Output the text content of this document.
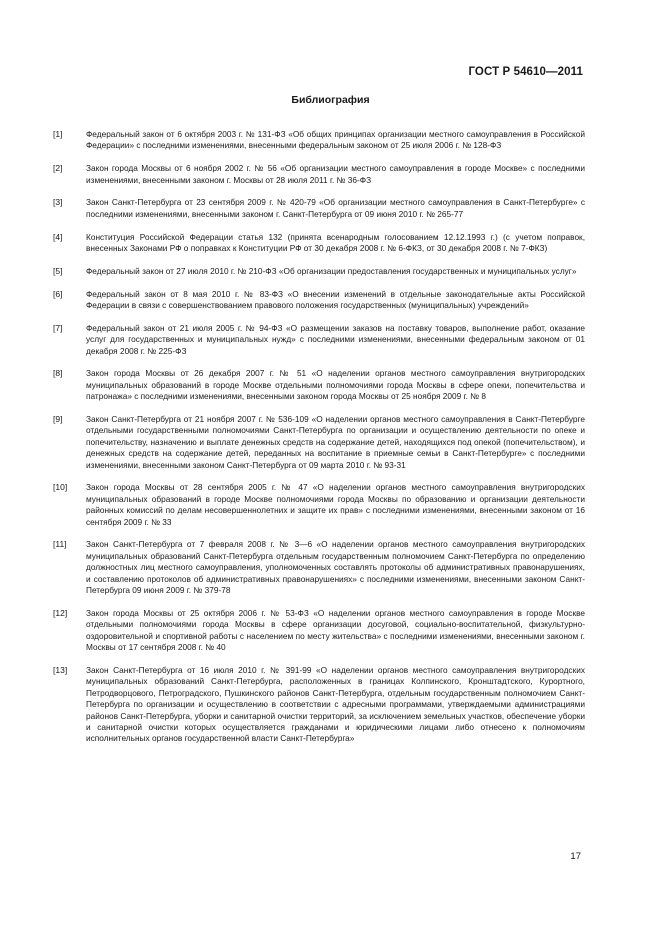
ГОСТ Р 54610—2011
Библиография
[1]	Федеральный закон от 6 октября 2003 г. № 131-ФЗ «Об общих принципах организации местного самоуправления в Российской Федерации» с последними изменениями, внесенными федеральным законом от 25 июля 2006 г. № 128-ФЗ
[2]	Закон города Москвы от 6 ноября 2002 г. № 56 «Об организации местного самоуправления в городе Москве» с последними изменениями, внесенными законом г. Москвы от 28 июля 2011 г. № 36-ФЗ
[3]	Закон Санкт-Петербурга от 23 сентября 2009 г. № 420-79 «Об организации местного самоуправления в Санкт-Петербурге» с последними изменениями, внесенными законом г. Санкт-Петербурга от 09 июня 2010 г. № 265-77
[4]	Конституция Российской Федерации статья 132 (принята всенародным голосованием 12.12.1993 г.) (с учетом поправок, внесенных Законами РФ о поправках к Конституции РФ от 30 декабря 2008 г. № 6-ФКЗ, от 30 декабря 2008 г. № 7-ФКЗ)
[5]	Федеральный закон от 27 июля 2010 г. № 210-ФЗ «Об организации предоставления государственных и муниципальных услуг»
[6]	Федеральный закон от 8 мая 2010 г. № 83-ФЗ «О внесении изменений в отдельные законодательные акты Российской Федерации в связи с совершенствованием правового положения государственных (муниципальных) учреждений»
[7]	Федеральный закон от 21 июля 2005 г. № 94-ФЗ «О размещении заказов на поставку товаров, выполнение работ, оказание услуг для государственных и муниципальных нужд» с последними изменениями, внесенными федеральным законом от 01 декабря 2008 г. № 225-ФЗ
[8]	Закон города Москвы от 26 декабря 2007 г. № 51 «О наделении органов местного самоуправления внутригородских муниципальных образований в городе Москве отдельными полномочиями города Москвы в сфере опеки, попечительства и патронажа» с последними изменениями, внесенными законом города Москвы от 25 ноября 2009 г. № 8
[9]	Закон Санкт-Петербурга от 21 ноября 2007 г. № 536-109 «О наделении органов местного самоуправления в Санкт-Петербурге отдельными государственными полномочиями Санкт-Петербурга по организации и осуществлению деятельности по опеке и попечительству, назначению и выплате денежных средств на содержание детей, находящихся под опекой (попечительством), и денежных средств на содержание детей, переданных на воспитание в приемные семьи в Санкт-Петербурге» с последними изменениями, внесенными законом Санкт-Петербурга от 09 марта 2010 г. № 93-31
[10]	Закон города Москвы от 28 сентября 2005 г. № 47 «О наделении органов местного самоуправления внутригородских муниципальных образований в городе Москве полномочиями города Москвы по образованию и организации деятельности районных комиссий по делам несовершеннолетних и защите их прав» с последними изменениями, внесенными законом от 16 сентября 2009 г. № 33
[11]	Закон Санкт-Петербурга от 7 февраля 2008 г. № 3—6 «О наделении органов местного самоуправления внутригородских муниципальных образований Санкт-Петербурга отдельным государственным полномочием Санкт-Петербурга по определению должностных лиц местного самоуправления, уполномоченных составлять протоколы об административных правонарушениях, и составлению протоколов об административных правонарушениях» с последними изменениями, внесенными законом Санкт-Петербурга 09 июня 2009 г. № 379-78
[12]	Закон города Москвы от 25 октября 2006 г. № 53-ФЗ «О наделении органов местного самоуправления в городе Москве отдельными полномочиями города Москвы в сфере организации досуговой, социально-воспитательной, физкультурно-оздоровительной и спортивной работы с населением по месту жительства» с последними изменениями, внесенными законом г. Москвы от 17 сентября 2008 г. № 40
[13]	Закон Санкт-Петербурга от 16 июля 2010 г. № 391-99 «О наделении органов местного самоуправления внутригородских муниципальных образований Санкт-Петербурга, расположенных в границах Колпинского, Кронштадтского, Курортного, Петродворцового, Петроградского, Пушкинского районов Санкт-Петербурга, отдельным государственным полномочием Санкт-Петербурга по организации и осуществлению в соответствии с адресными программами, утверждаемыми администрациями районов Санкт-Петербурга, уборки и санитарной очистки территорий, за исключением земельных участков, обеспечение уборки и санитарной очистки которых осуществляется гражданами и юридическими лицами либо отнесено к полномочиям исполнительных органов государственной власти Санкт-Петербурга»
17
